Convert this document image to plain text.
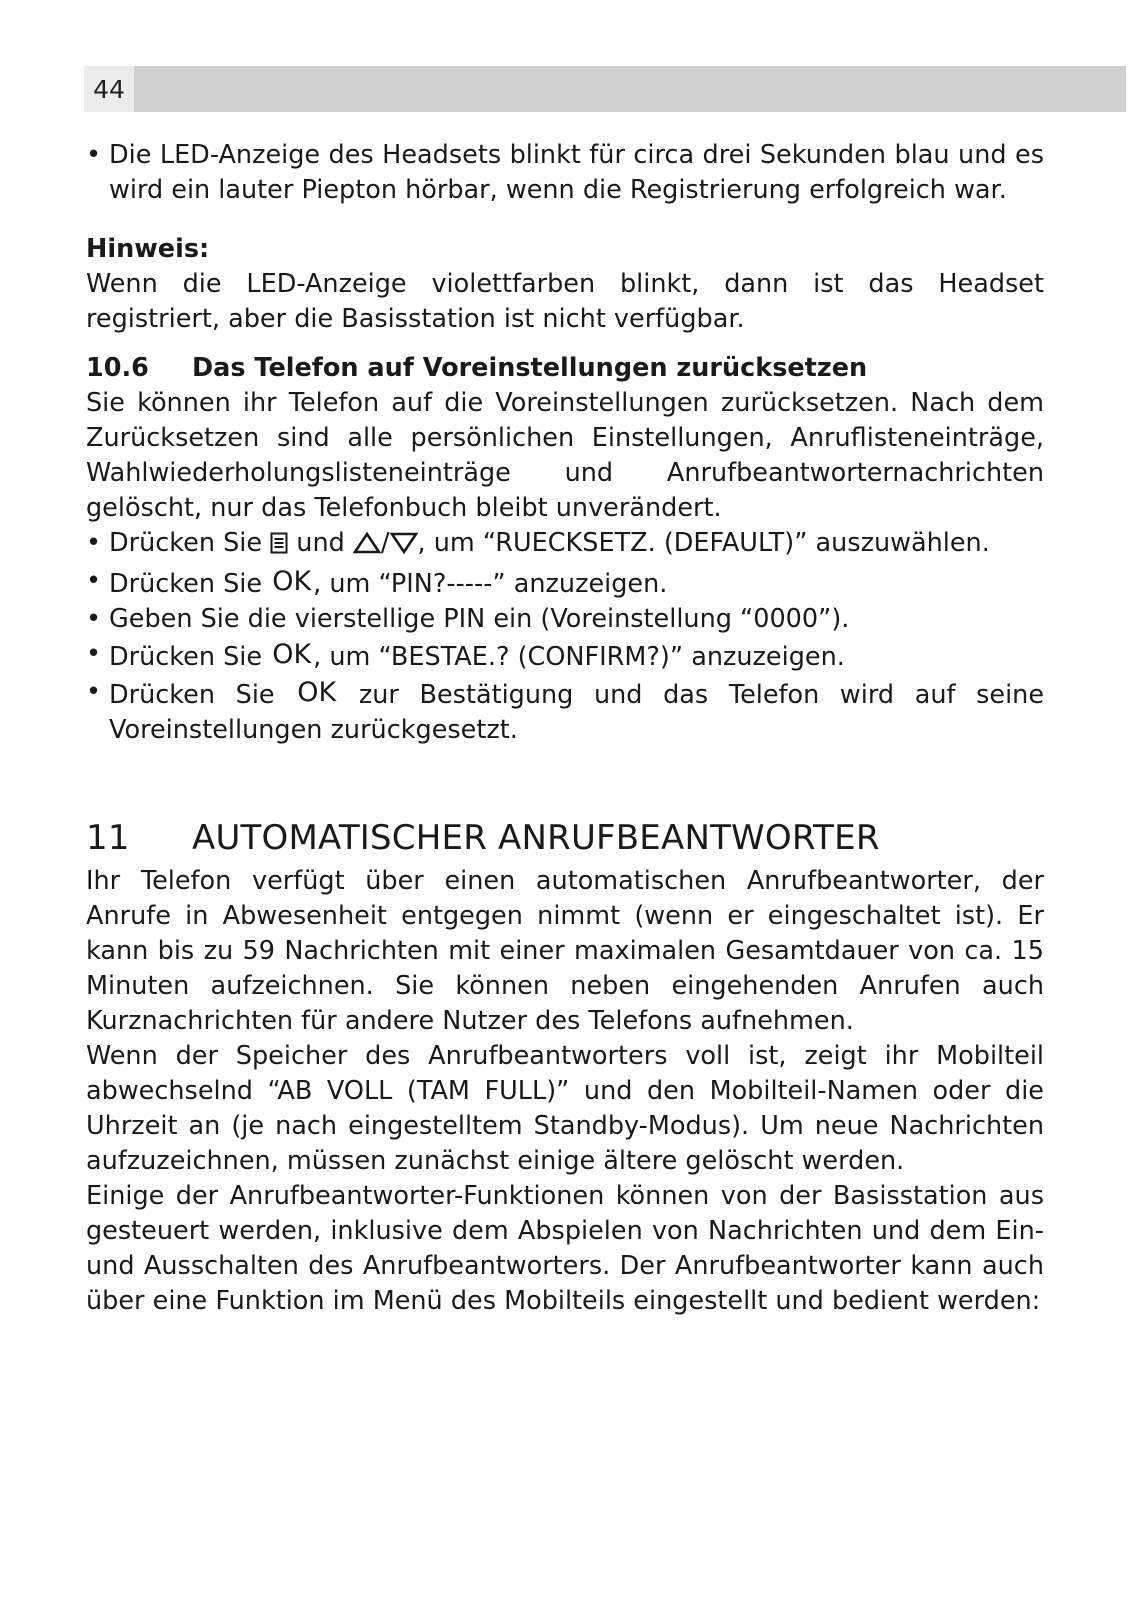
44
• Die LED-Anzeige des Headsets blinkt für circa drei Sekunden blau und es wird ein lauter Piepton hörbar, wenn die Registrierung erfolgreich war.
Hinweis:
Wenn die LED-Anzeige violettfarben blinkt, dann ist das Headset registriert, aber die Basisstation ist nicht verfügbar.
10.6	Das Telefon auf Voreinstellungen zurücksetzen
Sie können ihr Telefon auf die Voreinstellungen zurücksetzen. Nach dem Zurücksetzen sind alle persönlichen Einstellungen, Anruflisteneinträge, Wahlwiederholungslisteneinträge und Anrufbeantworternachrichten gelöscht, nur das Telefonbuch bleibt unverändert.
• Drücken Sie  und / , um “RUECKSETZ. (DEFAULT)” auszuwählen.
• Drücken Sie OK, um “PIN?-----” anzuzeigen.
• Geben Sie die vierstellige PIN ein (Voreinstellung “0000”).
• Drücken Sie OK, um “BESTAE.? (CONFIRM?)” anzuzeigen.
• Drücken Sie OK zur Bestätigung und das Telefon wird auf seine Voreinstellungen zurückgesetzt.
11	AUTOMATISCHER ANRUFBEANTWORTER
Ihr Telefon verfügt über einen automatischen Anrufbeantworter, der Anrufe in Abwesenheit entgegen nimmt (wenn er eingeschaltet ist). Er kann bis zu 59 Nachrichten mit einer maximalen Gesamtdauer von ca. 15 Minuten aufzeichnen. Sie können neben eingehenden Anrufen auch Kurznachrichten für andere Nutzer des Telefons aufnehmen.
Wenn der Speicher des Anrufbeantworters voll ist, zeigt ihr Mobilteil abwechselnd “AB VOLL (TAM FULL)” und den Mobilteil-Namen oder die Uhrzeit an (je nach eingestelltem Standby-Modus). Um neue Nachrichten aufzuzeichnen, müssen zunächst einige ältere gelöscht werden.
Einige der Anrufbeantworter-Funktionen können von der Basisstation aus gesteuert werden, inklusive dem Abspielen von Nachrichten und dem Ein- und Ausschalten des Anrufbeantworters. Der Anrufbeantworter kann auch über eine Funktion im Menü des Mobilteils eingestellt und bedient werden:
